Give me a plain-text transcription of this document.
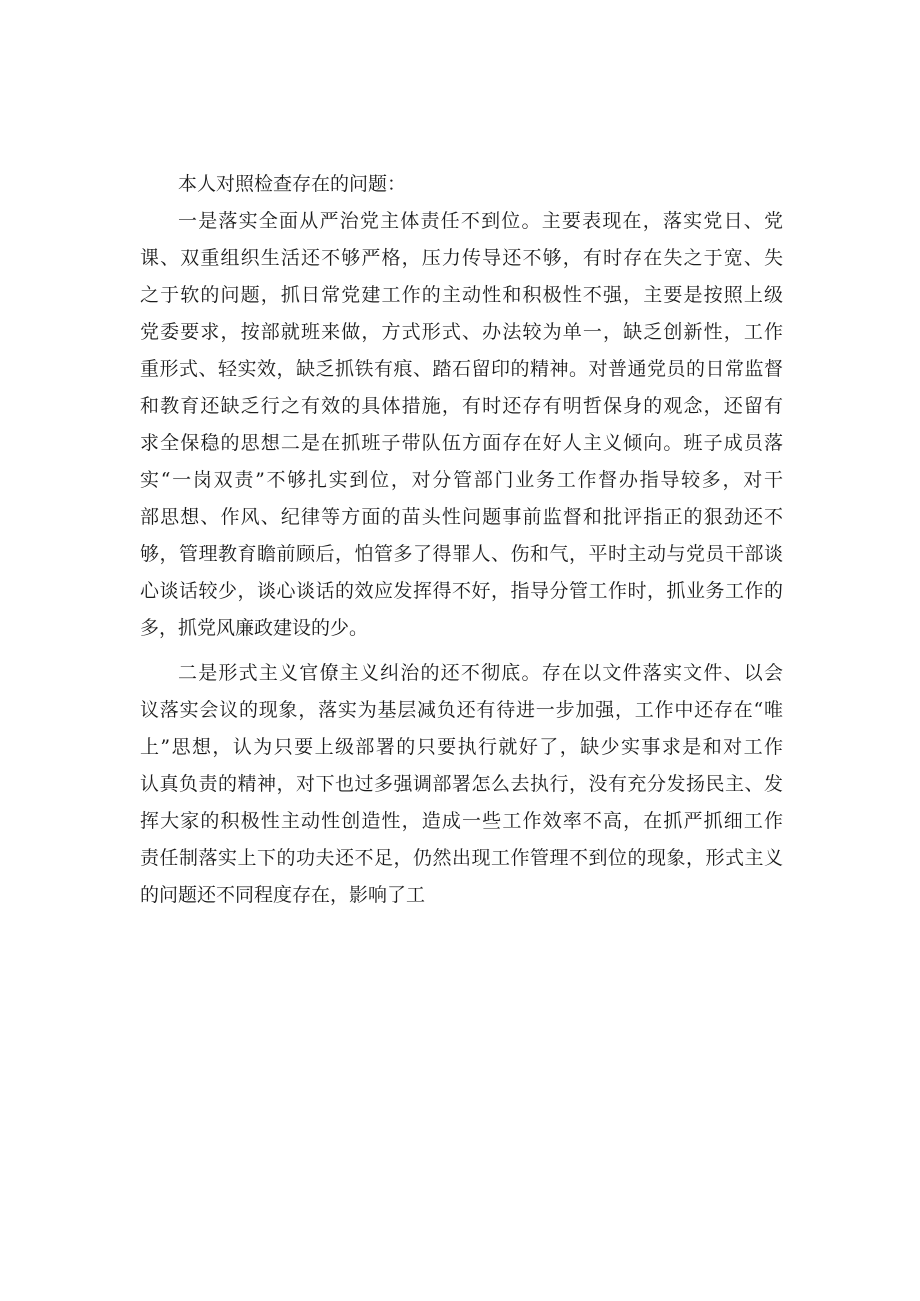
本人对照检查存在的问题：
一是落实全面从严治党主体责任不到位。主要表现在，落实党日、党
课、双重组织生活还不够严格，压力传导还不够，有时存在失之于宽、失
之于软的问题，抓日常党建工作的主动性和积极性不强，主要是按照上级
党委要求，按部就班来做，方式形式、办法较为单一，缺乏创新性，工作
重形式、轻实效，缺乏抓铁有痕、踏石留印的精神。对普通党员的日常监督
和教育还缺乏行之有效的具体措施，有时还存有明哲保身的观念，还留有
求全保稳的思想二是在抓班子带队伍方面存在好人主义倾向。班子成员落
实“一岗双责”不够扎实到位，对分管部门业务工作督办指导较多，对干
部思想、作风、纪律等方面的苗头性问题事前监督和批评指正的狠劲还不
够，管理教育瞻前顾后，怕管多了得罪人、伤和气，平时主动与党员干部谈
心谈话较少，谈心谈话的效应发挥得不好，指导分管工作时，抓业务工作的
多，抓党风廉政建设的少。
二是形式主义官僚主义纠治的还不彻底。存在以文件落实文件、以会
议落实会议的现象，落实为基层减负还有待进一步加强，工作中还存在“唯
上”思想，认为只要上级部署的只要执行就好了，缺少实事求是和对工作
认真负责的精神，对下也过多强调部署怎么去执行，没有充分发扬民主、发
挥大家的积极性主动性创造性，造成一些工作效率不高，在抓严抓细工作
责任制落实上下的功夫还不足，仍然出现工作管理不到位的现象，形式主义
的问题还不同程度存在，影响了工
